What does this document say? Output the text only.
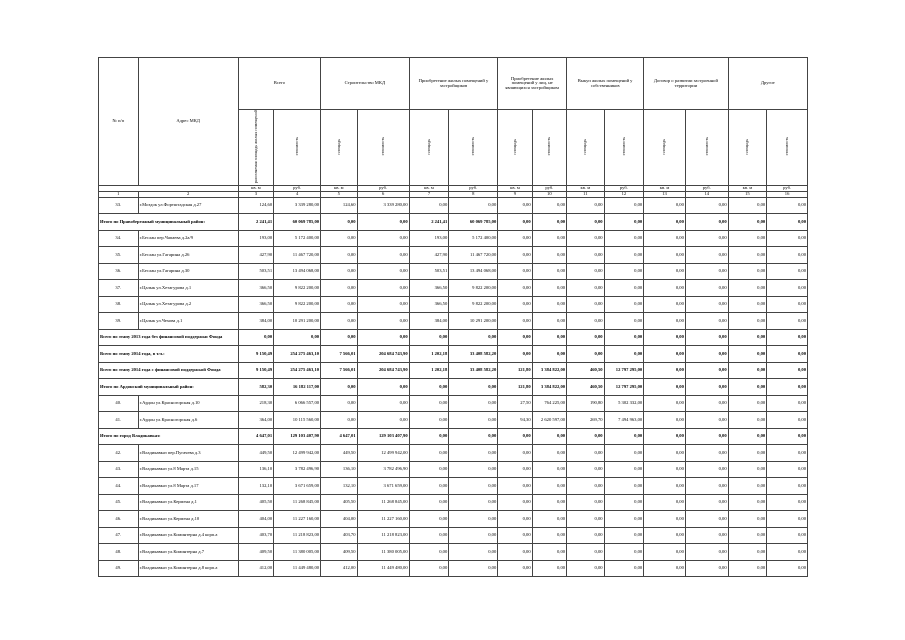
№ п/п	Адрес МКД	Всего		Строительство МКД		Приобретение жилых помещений у застройщиков		Приобретение жилых помещений у лиц, не являющихся застройщиком		Выкуп жилых помещений у собственников		Договор о развитии застроенной территории		Другое	
		расселяемая площадь жилых помещений	стоимость	площадь	стоимость	площадь	стоимость	площадь	стоимость	площадь	стоимость	площадь	стоимость	площадь	стоимость
		кв. м	руб.	кв. м	руб.	кв. м	руб.	кв. м	руб.	кв. м	руб.	кв. м	руб.	кв. м	руб.
1	2	3	4	5	6	7	8	9	10	11	12	13	14	15	16
33.	г.Моздок ул.Фортштадская д.27	124,60	3 339 280,00	124,60	3 339 280,00	0,00	0,00	0,00	0,00	0,00	0,00	0,00	0,00	0,00	0,00
Итого по Правобережный муниципальный район:		2 241,41	60 069 785,00	0,00	0,00	2 241,41	60 069 785,00	0,00	0,00	0,00	0,00	0,00	0,00	0,00	0,00
34.	г.Беслан пер.Чапаева д.2а/9	193,00	5 172 400,00	0,00	0,00	193,00	5 172 400,00	0,00	0,00	0,00	0,00	0,00	0,00	0,00	0,00
35.	г.Беслан ул.Гагарина д.26	427,90	11 467 720,00	0,00	0,00	427,90	11 467 720,00	0,00	0,00	0,00	0,00	0,00	0,00	0,00	0,00
36.	г.Беслан ул.Гагарина д.30	503,51	13 494 068,00	0,00	0,00	503,51	13 494 068,00	0,00	0,00	0,00	0,00	0,00	0,00	0,00	0,00
37.	г.Цалык ул.Хетагурова д.1	366,50	9 822 200,00	0,00	0,00	366,50	9 822 200,00	0,00	0,00	0,00	0,00	0,00	0,00	0,00	0,00
38.	г.Цалык ул.Хетагурова д.2	366,50	9 822 200,00	0,00	0,00	366,50	9 822 200,00	0,00	0,00	0,00	0,00	0,00	0,00	0,00	0,00
39.	г.Цалык ул.Чехова д.1	384,00	10 291 200,00	0,00	0,00	384,00	10 291 200,00	0,00	0,00	0,00	0,00	0,00	0,00	0,00	0,00
Всего по этапу 2013 года без финансовой поддержки Фонда		0,00	0,00	0,00	0,00	0,00	0,00	0,00	0,00	0,00	0,00	0,00	0,00	0,00	0,00
Всего по этапу 2014 года, в т.ч.:		9 150,49	254 275 463,10	7 566,01	204 684 743,90	1 202,18	33 408 582,20	0,00	0,00	0,00	0,00	0,00	0,00	0,00	0,00
Всего по этапу 2014 года с финансовой поддержкой Фонда		9 150,49	254 275 463,10	7 566,01	204 684 743,90	1 202,18	33 408 582,20	121,80	3 384 822,00	460,50	12 797 295,00	0,00	0,00	0,00	0,00
Итого по Ардонский муниципальный район:		582,30	16 182 117,00	0,00	0,00	0,00	0,00	121,80	3 384 822,00	460,50	12 797 295,00	0,00	0,00	0,00	0,00
40.	г.Ардон ул.Красногорская д.10	218,30	6 066 557,00	0,00	0,00	0,00	0,00	27,50	764 225,00	190,80	5 302 332,00	0,00	0,00	0,00	0,00
41.	г.Ардон ул.Красногорская д.6	364,00	10 115 560,00	0,00	0,00	0,00	0,00	94,30	2 620 597,00	269,70	7 494 963,00	0,00	0,00	0,00	0,00
Итого по город Владикавказ:		4 647,01	129 103 407,90	4 647,01	129 103 407,90	0,00	0,00	0,00	0,00	0,00	0,00	0,00	0,00	0,00	0,00
42.	г.Владикавказ пер.Пугачева д.3	449,50	12 499 942,00	449,50	12 499 942,00	0,00	0,00	0,00	0,00	0,00	0,00	0,00	0,00	0,00	0,00
43.	г.Владикавказ ул.8 Марта д.15	136,10	3 782 496,90	136,10	3 782 496,90	0,00	0,00	0,00	0,00	0,00	0,00	0,00	0,00	0,00	0,00
44.	г.Владикавказ ул.8 Марта д.17	132,10	3 671 659,00	132,10	3 671 659,00	0,00	0,00	0,00	0,00	0,00	0,00	0,00	0,00	0,00	0,00
45.	г.Владикавказ ул.Кермена д.1	405,50	11 268 845,00	405,50	11 268 845,00	0,00	0,00	0,00	0,00	0,00	0,00	0,00	0,00	0,00	0,00
46.	г.Владикавказ ул.Кермена д.10	404,00	11 227 160,00	404,00	11 227 160,00	0,00	0,00	0,00	0,00	0,00	0,00	0,00	0,00	0,00	0,00
47.	г.Владикавказ ул.Коминтерна д.4 корп.а	403,70	11 218 823,00	403,70	11 218 823,00	0,00	0,00	0,00	0,00	0,00	0,00	0,00	0,00	0,00	0,00
48.	г.Владикавказ ул.Коминтерна д.7	409,50	11 380 005,00	409,50	11 380 005,00	0,00	0,00	0,00	0,00	0,00	0,00	0,00	0,00	0,00	0,00
49.	г.Владикавказ ул.Коминтерна д.8 корп.а	412,00	11 449 480,00	412,00	11 449 480,00	0,00	0,00	0,00	0,00	0,00	0,00	0,00	0,00	0,00	0,00
